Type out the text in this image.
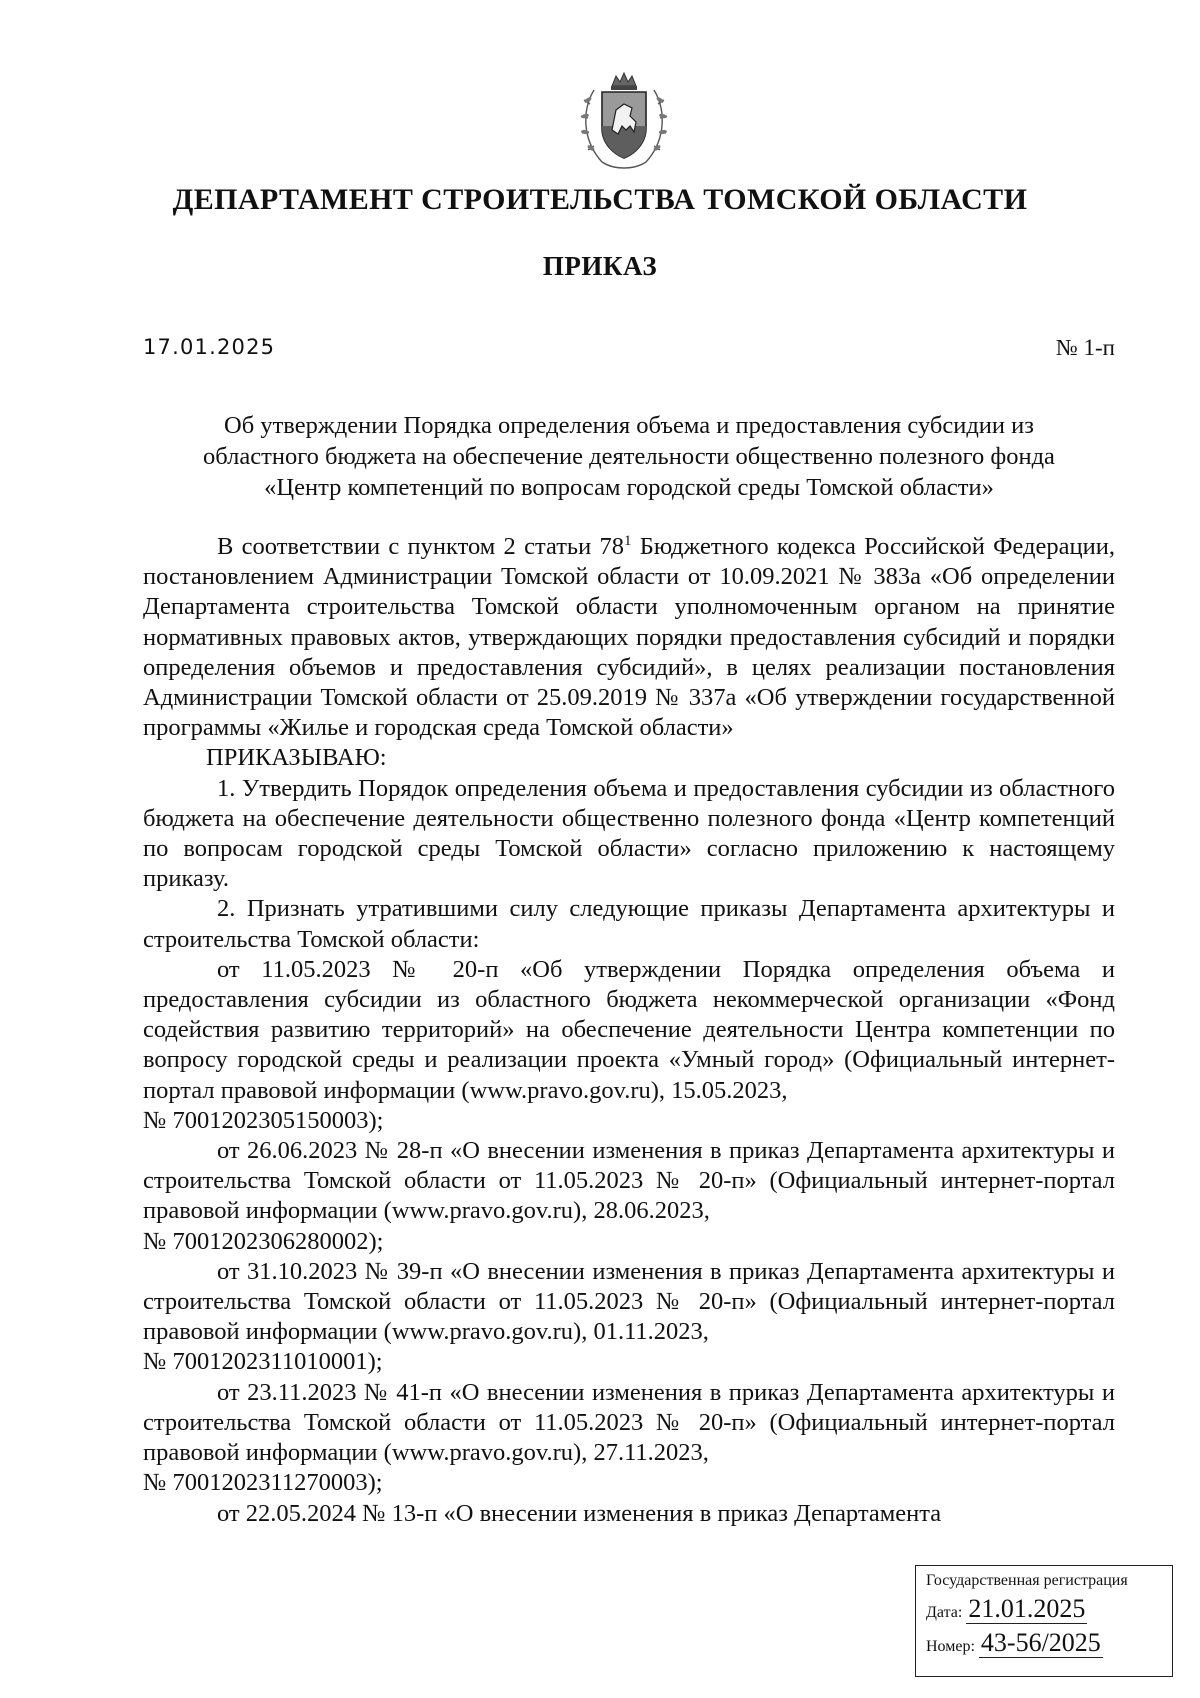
ДЕПАРТАМЕНТ СТРОИТЕЛЬСТВА ТОМСКОЙ ОБЛАСТИ
ПРИКАЗ
17.01.2025	№ 1-п
Об утверждении Порядка определения объема и предоставления субсидии из
областного бюджета на обеспечение деятельности общественно полезного фонда
«Центр компетенций по вопросам городской среды Томской области»

В соответствии с пунктом 2 статьи $78^1$ Бюджетного кодекса Российской Федерации, постановлением Администрации Томской области от 10.09.2021 № 383а «Об определении Департамента строительства Томской области уполномоченным органом на принятие нормативных правовых актов, утверждающих порядки предоставления субсидий и порядки определения объемов и предоставления субсидий», в целях реализации постановления Администрации Томской области от 25.09.2019 № 337а «Об утверждении государственной программы «Жилье и городская среда Томской области»

ПРИКАЗЫВАЮ:

1. Утвердить Порядок определения объема и предоставления субсидии из областного бюджета на обеспечение деятельности общественно полезного фонда «Центр компетенций по вопросам городской среды Томской области» согласно приложению к настоящему приказу.

2. Признать утратившими силу следующие приказы Департамента архитектуры и строительства Томской области:

от 11.05.2023 № 20-п «Об утверждении Порядка определения объема и предоставления субсидии из областного бюджета некоммерческой организации «Фонд содействия развитию территорий» на обеспечение деятельности Центра компетенции по вопросу городской среды и реализации проекта «Умный город» (Официальный интернет-портал правовой информации (www.pravo.gov.ru), 15.05.2023,
№ 7001202305150003);

от 26.06.2023 № 28-п «О внесении изменения в приказ Департамента архитектуры и строительства Томской области от 11.05.2023 № 20-п» (Официальный интернет-портал правовой информации (www.pravo.gov.ru), 28.06.2023,
№ 7001202306280002);

от 31.10.2023 № 39-п «О внесении изменения в приказ Департамента архитектуры и строительства Томской области от 11.05.2023 № 20-п» (Официальный интернет-портал правовой информации (www.pravo.gov.ru), 01.11.2023,
№ 7001202311010001);

от 23.11.2023 № 41-п «О внесении изменения в приказ Департамента архитектуры и строительства Томской области от 11.05.2023 № 20-п» (Официальный интернет-портал правовой информации (www.pravo.gov.ru), 27.11.2023,
№ 7001202311270003);

от 22.05.2024 № 13-п «О внесении изменения в приказ Департамента

Государственная регистрация
Дата: 21.01.2025
Номер: 43-56/2025
